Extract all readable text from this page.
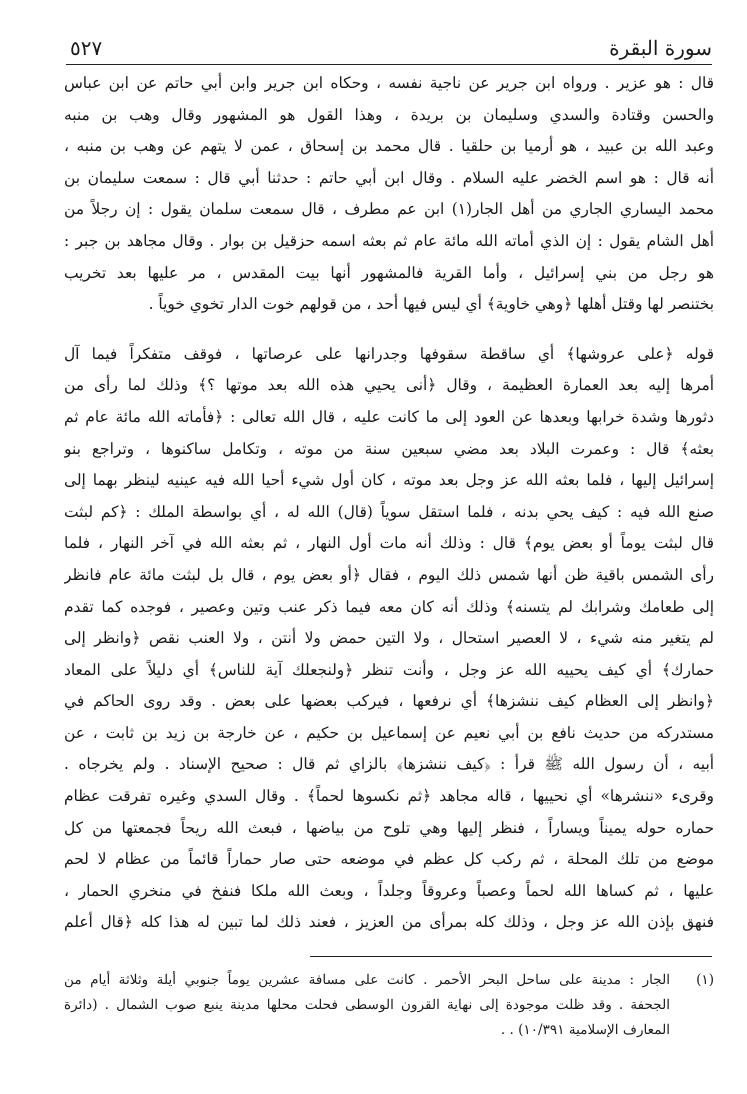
سورة البقرة
٥٢٧

قال : هو عزير . ورواه ابن جرير عن ناجية نفسه ، وحكاه ابن جرير وابن أبي حاتم عن ابن عباس
والحسن وقتادة والسدي وسليمان بن بريدة ، وهذا القول هو المشهور وقال وهب بن منبه
وعبد الله بن عبيد ، هو أرميا بن حلقيا . قال محمد بن إسحاق ، عمن لا يتهم عن وهب بن منبه ،
أنه قال : هو اسم الخضر عليه السلام . وقال ابن أبي حاتم : حدثنا أبي قال : سمعت سليمان بن
محمد اليساري الجاري من أهل الجار(١) ابن عم مطرف ، قال سمعت سلمان يقول : إن رجلاً من
أهل الشام يقول : إن الذي أماته الله مائة عام ثم بعثه اسمه حزقيل بن بوار . وقال مجاهد بن جبر :
هو رجل من بني إسرائيل ، وأما القرية فالمشهور أنها بيت المقدس ، مر عليها بعد تخريب
بختنصر لها وقتل أهلها ﴿وهي خاوية﴾ أي ليس فيها أحد ، من قولهم خوت الدار تخوي خوياً .

قوله ﴿على عروشها﴾ أي ساقطة سقوفها وجدرانها على عرصاتها ، فوقف متفكراً فيما آل
أمرها إليه بعد العمارة العظيمة ، وقال ﴿أنى يحيي هذه الله بعد موتها ؟﴾ وذلك لما رأى من
دثورها وشدة خرابها وبعدها عن العود إلى ما كانت عليه ، قال الله تعالى : ﴿فأماته الله مائة عام ثم
بعثه﴾ قال : وعمرت البلاد بعد مضي سبعين سنة من موته ، وتكامل ساكنوها ، وتراجع بنو
إسرائيل إليها ، فلما بعثه الله عز وجل بعد موته ، كان أول شيء أحيا الله فيه عينيه لينظر بهما إلى
صنع الله فيه : كيف يحي بدنه ، فلما استقل سوياً (قال) الله له ، أي بواسطة الملك : ﴿كم لبثت
قال لبثت يوماً أو بعض يوم﴾ قال : وذلك أنه مات أول النهار ، ثم بعثه الله في آخر النهار ، فلما
رأى الشمس باقية ظن أنها شمس ذلك اليوم ، فقال ﴿أو بعض يوم ، قال بل لبثت مائة عام فانظر
إلى طعامك وشرابك لم يتسنه﴾ وذلك أنه كان معه فيما ذكر عنب وتين وعصير ، فوجده كما تقدم
لم يتغير منه شيء ، لا العصير استحال ، ولا التين حمض ولا أنتن ، ولا العنب نقص ﴿وانظر إلى
حمارك﴾ أي كيف يحييه الله عز وجل ، وأنت تنظر ﴿ولنجعلك آية للناس﴾ أي دليلاً على المعاد
﴿وانظر إلى العظام كيف ننشزها﴾ أي نرفعها ، فيركب بعضها على بعض . وقد روى الحاكم في
مستدركه من حديث نافع بن أبي نعيم عن إسماعيل بن حكيم ، عن خارجة بن زيد بن ثابت ، عن
أبيه ، أن رسول الله ﷺ قرأ : ﴿كيف ننشزها﴾ بالزاي ثم قال : صحيح الإسناد . ولم يخرجاه .
وقرىء «ننشرها» أي نحييها ، قاله مجاهد ﴿ثم نكسوها لحماً﴾ . وقال السدي وغيره تفرقت عظام
حماره حوله يميناً ويساراً ، فنظر إليها وهي تلوح من بياضها ، فبعث الله ريحاً فجمعتها من كل
موضع من تلك المحلة ، ثم ركب كل عظم في موضعه حتى صار حماراً قائماً من عظام لا لحم
عليها ، ثم كساها الله لحماً وعصباً وعروقاً وجلداً ، وبعث الله ملكا فنفخ في منخري الحمار ،
فنهق بإذن الله عز وجل ، وذلك كله بمرأى من العزيز ، فعند ذلك لما تبين له هذا كله ﴿قال أعلم

(١)
الجار : مدينة على ساحل البحر الأحمر . كانت على مسافة عشرين يوماً جنوبي أيلة وثلاثة أيام من
الجحفة . وقد ظلت موجودة إلى نهاية القرون الوسطى فحلت محلها مدينة ينبع صوب الشمال . (دائرة
المعارف الإسلامية ١٠/٣٩١) . .
